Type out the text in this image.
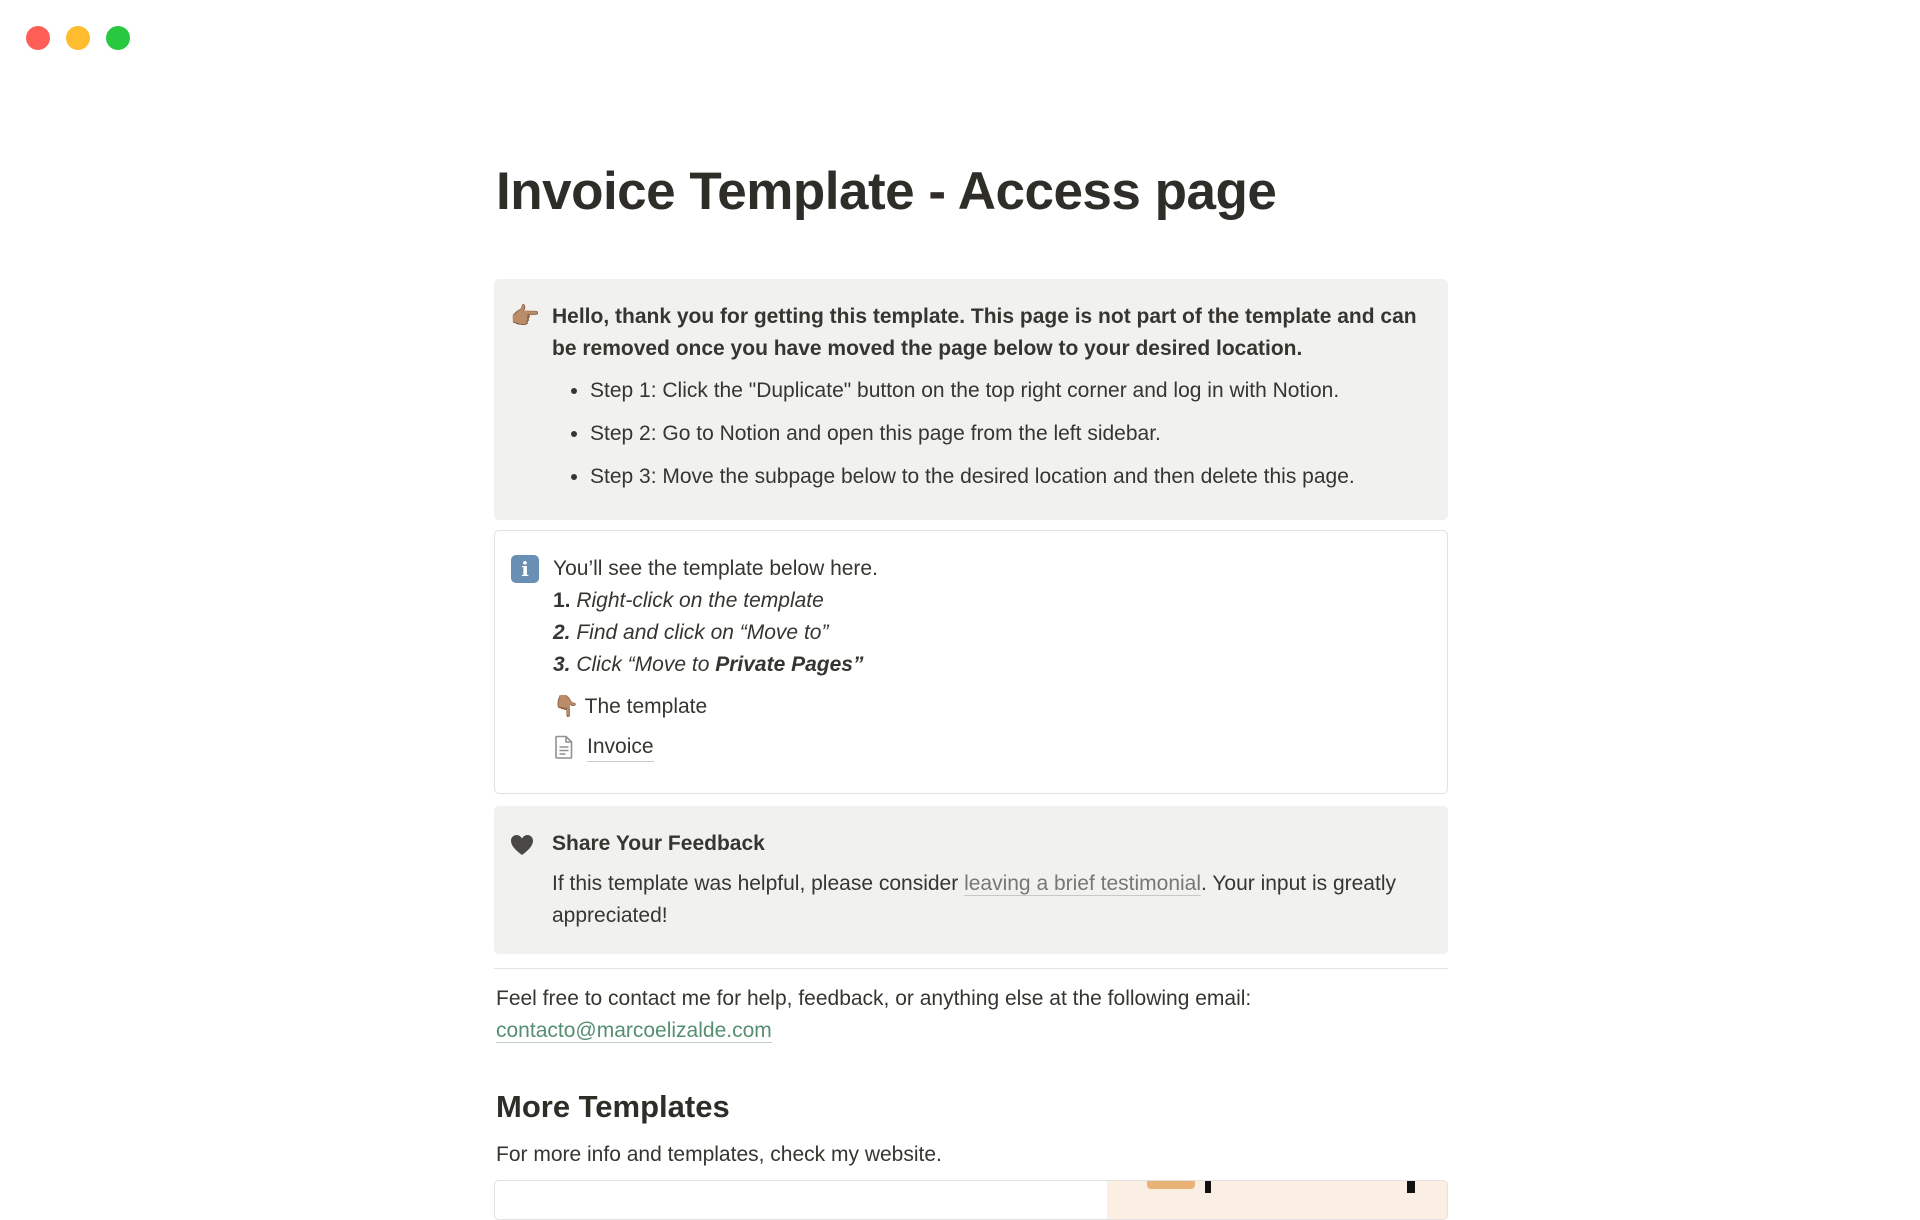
Invoice Template - Access page
👉🏽 Hello, thank you for getting this template. This page is not part of the template and can be removed once you have moved the page below to your desired location.
• Step 1: Click the "Duplicate" button on the top right corner and log in with Notion.
• Step 2: Go to Notion and open this page from the left sidebar.
• Step 3: Move the subpage below to the desired location and then delete this page.
i	You’ll see the template below here.
1. Right-click on the template
2. Find and click on “Move to”
3. Click “Move to Private Pages”
👇🏽 The template
Invoice
Share Your Feedback
If this template was helpful, please consider leaving a brief testimonial. Your input is greatly appreciated!
Feel free to contact me for help, feedback, or anything else at the following email:
contacto@marcoelizalde.com
More Templates
For more info and templates, check my website.
